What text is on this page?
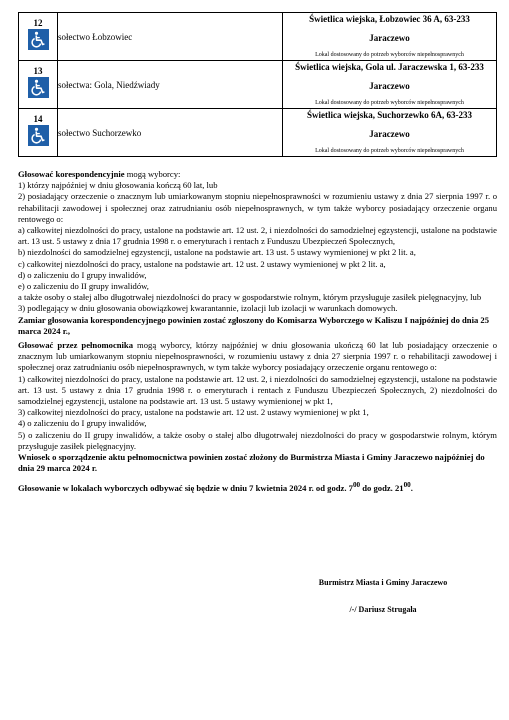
12	sołectwo Łobzowiec	Świetlica wiejska, Łobzowiec 36 A, 63-233
Jaraczewo
Lokal dostosowany do potrzeb wyborców niepełnosprawnych

13	sołectwa: Gola, Niedźwiady	Świetlica wiejska, Gola ul. Jaraczewska 1, 63-233
Jaraczewo
Lokal dostosowany do potrzeb wyborców niepełnosprawnych

14	sołectwo Suchorzewko	Świetlica wiejska, Suchorzewko 6A, 63-233
Jaraczewo
Lokal dostosowany do potrzeb wyborców niepełnosprawnych

Głosować korespondencyjnie mogą wyborcy:

1) którzy najpóźniej w dniu głosowania kończą 60 lat, lub

2) posiadający orzeczenie o znacznym lub umiarkowanym stopniu niepełnosprawności w rozumieniu ustawy z dnia 27 sierpnia 1997 r. o rehabilitacji zawodowej i społecznej oraz zatrudnianiu osób niepełnosprawnych, w tym także wyborcy posiadający orzeczenie organu rentowego o:

a) całkowitej niezdolności do pracy, ustalone na podstawie art. 12 ust. 2, i niezdolności do samodzielnej egzystencji, ustalone na podstawie art. 13 ust. 5 ustawy z dnia 17 grudnia 1998 r. o emeryturach i rentach z Funduszu Ubezpieczeń Społecznych,

b) niezdolności do samodzielnej egzystencji, ustalone na podstawie art. 13 ust. 5 ustawy wymienionej w pkt 2 lit. a,

c) całkowitej niezdolności do pracy, ustalone na podstawie art. 12 ust. 2 ustawy wymienionej w pkt 2 lit. a,

d) o zaliczeniu do I grupy inwalidów,

e) o zaliczeniu do II grupy inwalidów,

a także osoby o stałej albo długotrwałej niezdolności do pracy w gospodarstwie rolnym, którym przysługuje zasiłek pielęgnacyjny, lub

3) podlegający w dniu głosowania obowiązkowej kwarantannie, izolacji lub izolacji w warunkach domowych.

Zamiar głosowania korespondencyjnego powinien zostać zgłoszony do Komisarza Wyborczego w Kaliszu I najpóźniej do dnia 25 marca 2024 r.,

Głosować przez pełnomocnika mogą wyborcy, którzy najpóźniej w dniu głosowania ukończą 60 lat lub posiadający orzeczenie o znacznym lub umiarkowanym stopniu niepełnosprawności, w rozumieniu ustawy z dnia 27 sierpnia 1997 r. o rehabilitacji zawodowej i społecznej oraz zatrudnianiu osób niepełnosprawnych, w tym także wyborcy posiadający orzeczenie organu rentowego o:

1) całkowitej niezdolności do pracy, ustalone na podstawie art. 12 ust. 2, i niezdolności do samodzielnej egzystencji, ustalone na podstawie art. 13 ust. 5 ustawy z dnia 17 grudnia 1998 r. o emeryturach i rentach z Funduszu Ubezpieczeń Społecznych, 2) niezdolności do samodzielnej egzystencji, ustalone na podstawie art. 13 ust. 5 ustawy wymienionej w pkt 1,

3) całkowitej niezdolności do pracy, ustalone na podstawie art. 12 ust. 2 ustawy wymienionej w pkt 1,

4) o zaliczeniu do I grupy inwalidów,

5) o zaliczeniu do II grupy inwalidów, a także osoby o stałej albo długotrwałej niezdolności do pracy w gospodarstwie rolnym, którym przysługuje zasiłek pielęgnacyjny.

Wniosek o sporządzenie aktu pełnomocnictwa powinien zostać złożony do Burmistrza Miasta i Gminy Jaraczewo najpóźniej do dnia 29 marca 2024 r.

Głosowanie w lokalach wyborczych odbywać się będzie w dniu 7 kwietnia 2024 r. od godz. $7^{00}$ do godz. $21^{00}$.

Burmistrz Miasta i Gminy Jaraczewo
/-/ Dariusz Strugała
